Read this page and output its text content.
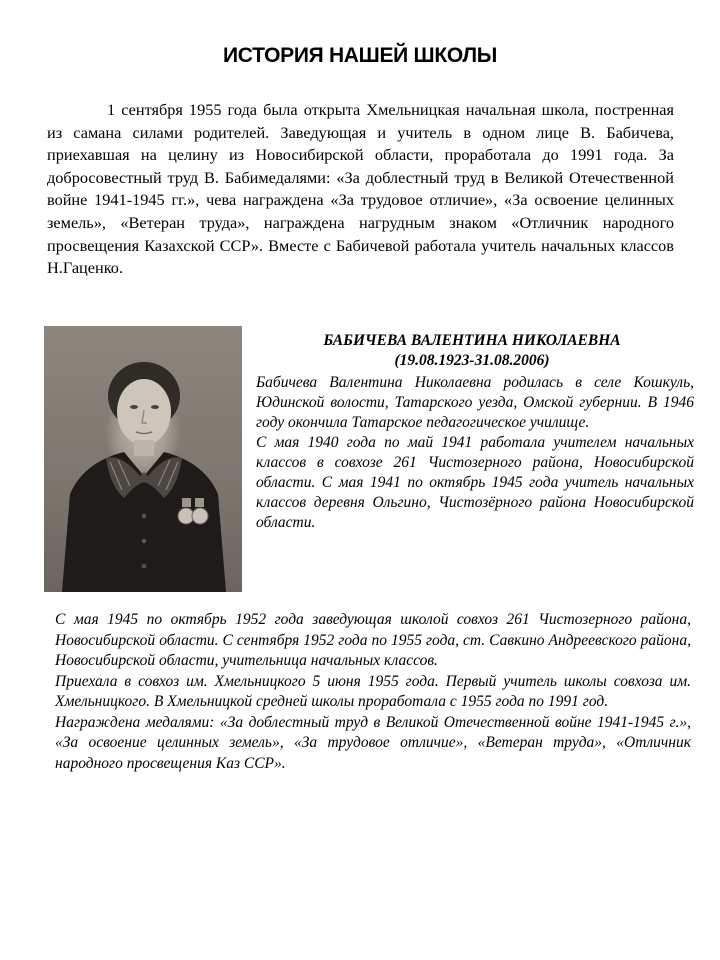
ИСТОРИЯ НАШЕЙ ШКОЛЫ

1 сентября 1955 года была открыта Хмельницкая начальная школа, постренная из самана силами родителей. Заведующая и учитель в одном лице В. Бабичева, приехавшая на целину из Новосибирской области, проработала до 1991 года. За добросовестный труд В. Бабимедалями: «За доблестный труд в Великой Отечественной войне 1941-1945 гг.», чева награждена «За трудовое отличие», «За освоение целинных земель», «Ветеран труда», награждена нагрудным знаком «Отличник народного просвещения Казахской ССР». Вместе с Бабичевой работала учитель начальных классов Н.Гаценко.

БАБИЧЕВА ВАЛЕНТИНА НИКОЛАЕВНА
(19.08.1923-31.08.2006)

Бабичева Валентина Николаевна родилась в селе Кошкуль, Юдинской волости, Татарского уезда, Омской губернии. В 1946 году окончила Татарское педагогическое училище.

С мая 1940 года по май 1941 работала учителем начальных классов в совхозе 261 Чистозерного района, Новосибирской области. С мая 1941 по октябрь 1945 года учитель начальных классов деревня Ольгино, Чистозёрного района Новосибирской области.

С мая 1945 по октябрь 1952 года заведующая школой совхоз 261 Чистозерного района, Новосибирской области. С сентября 1952 года по 1955 года, ст. Савкино Андреевского района, Новосибирской области, учительница начальных классов.

Приехала в совхоз им. Хмельницкого 5 июня 1955 года. Первый учитель школы совхоза им. Хмельницкого. В Хмельницкой средней школы проработала с 1955 года по 1991 год.

Награждена медалями: «За доблестный труд в Великой Отечественной войне 1941-1945 г.», «За освоение целинных земель», «За трудовое отличие», «Ветеран труда», «Отличник народного просвещения Каз ССР».
